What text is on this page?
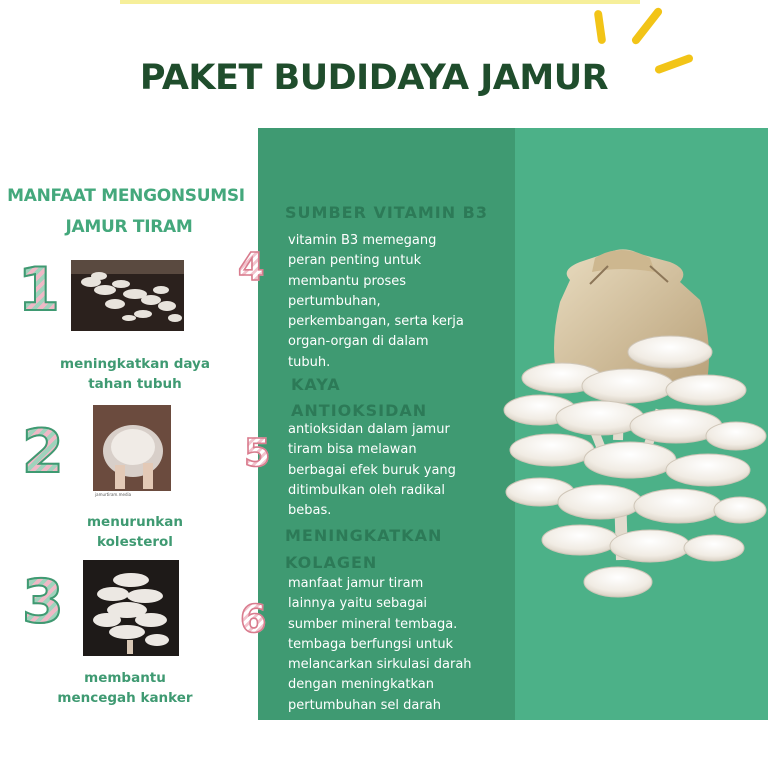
PAKET BUDIDAYA JAMUR
MANFAAT MENGONSUMSI
JAMUR TIRAM
1
meningkatkan daya
tahan tubuh
2
jamurtiram.media
menurunkan
kolesterol
3
membantu
mencegah kanker
4
SUMBER VITAMIN B3
vitamin B3 memegang
peran penting untuk
membantu proses
pertumbuhan,
perkembangan, serta kerja
organ-organ di dalam
tubuh.
5
KAYA
ANTIOKSIDAN
antioksidan dalam jamur
tiram bisa melawan
berbagai efek buruk yang
ditimbulkan oleh radikal
bebas.
6
MENINGKATKAN
KOLAGEN
manfaat jamur tiram
lainnya yaitu sebagai
sumber mineral tembaga.
tembaga berfungsi untuk
melancarkan sirkulasi darah
dengan meningkatkan
pertumbuhan sel darah
